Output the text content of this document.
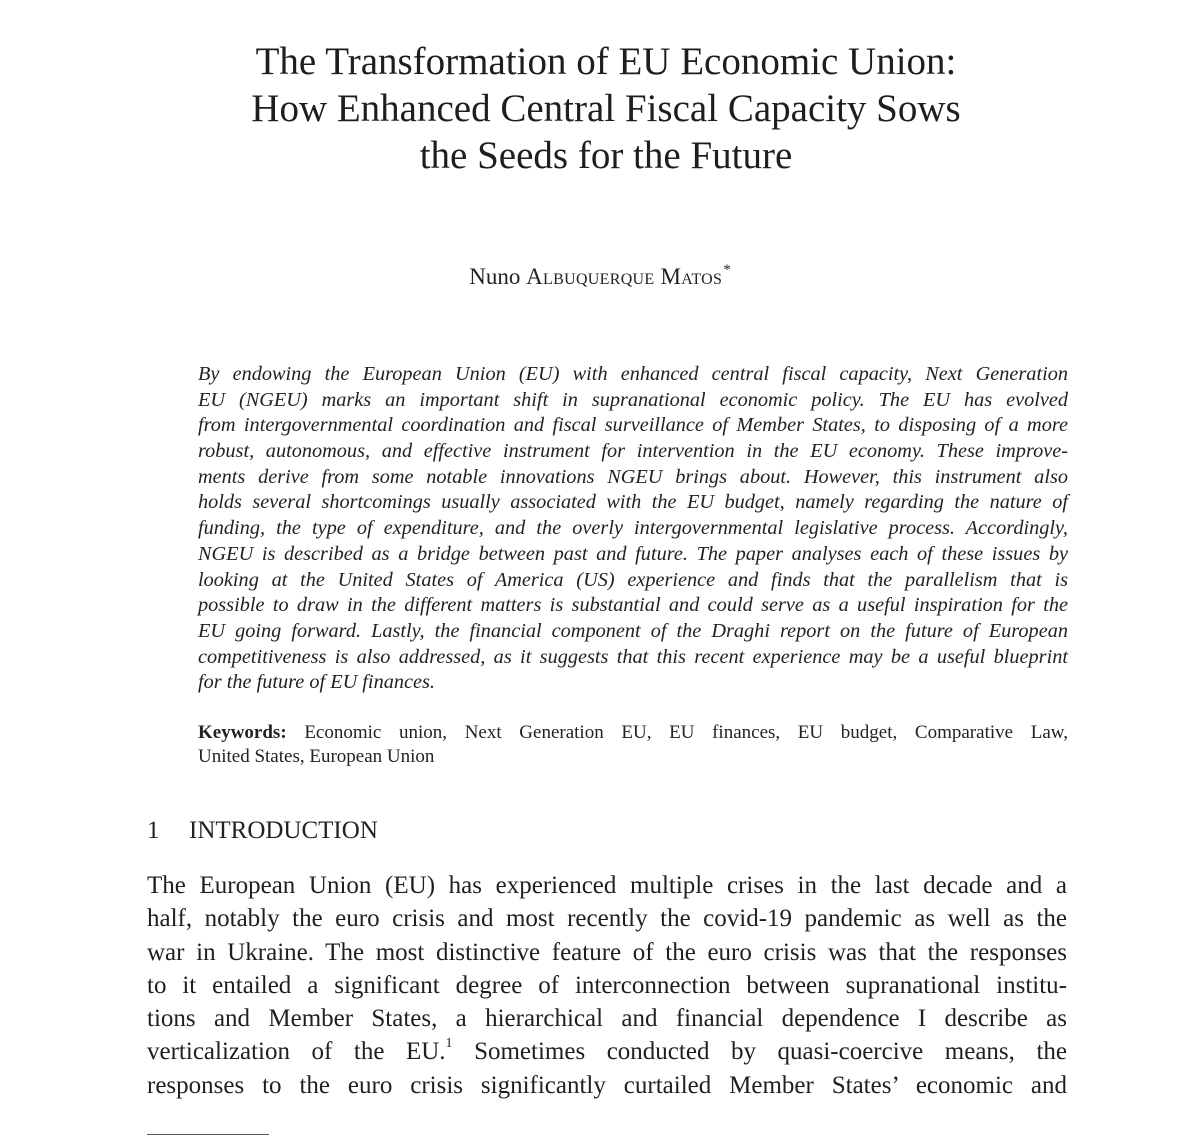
The Transformation of EU Economic Union:
How Enhanced Central Fiscal Capacity Sows
the Seeds for the Future
Nuno Albuquerque Matos*
By endowing the European Union (EU) with enhanced central fiscal capacity, Next Generation
EU (NGEU) marks an important shift in supranational economic policy. The EU has evolved
from intergovernmental coordination and fiscal surveillance of Member States, to disposing of a more
robust, autonomous, and effective instrument for intervention in the EU economy. These improve-
ments derive from some notable innovations NGEU brings about. However, this instrument also
holds several shortcomings usually associated with the EU budget, namely regarding the nature of
funding, the type of expenditure, and the overly intergovernmental legislative process. Accordingly,
NGEU is described as a bridge between past and future. The paper analyses each of these issues by
looking at the United States of America (US) experience and finds that the parallelism that is
possible to draw in the different matters is substantial and could serve as a useful inspiration for the
EU going forward. Lastly, the financial component of the Draghi report on the future of European
competitiveness is also addressed, as it suggests that this recent experience may be a useful blueprint
for the future of EU finances.
Keywords: Economic union, Next Generation EU, EU finances, EU budget, Comparative Law,
United States, European Union
1 INTRODUCTION
The European Union (EU) has experienced multiple crises in the last decade and a
half, notably the euro crisis and most recently the covid-19 pandemic as well as the
war in Ukraine. The most distinctive feature of the euro crisis was that the responses
to it entailed a significant degree of interconnection between supranational institu-
tions and Member States, a hierarchical and financial dependence I describe as
verticalization of the EU.$^1$ Sometimes conducted by quasi-coercive means, the
responses to the euro crisis significantly curtailed Member States’ economic and
